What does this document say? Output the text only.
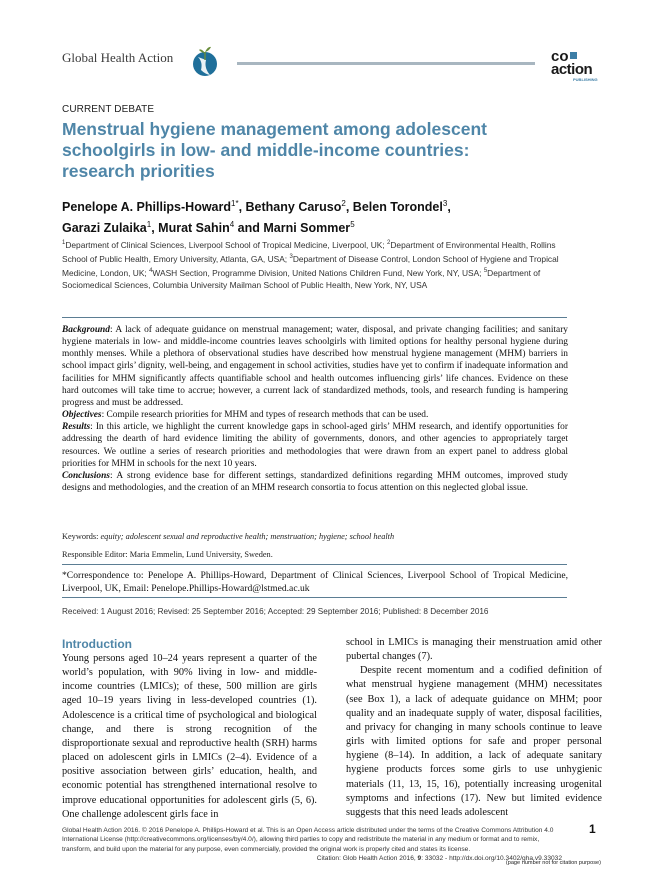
Global Health Action	co
action
PUBLISHING
CURRENT DEBATE
Menstrual hygiene management among adolescent schoolgirls in low- and middle-income countries: research priorities
Penelope A. Phillips-Howard$^{1*}$, Bethany Caruso$^2$, Belen Torondel$^3$,
Garazi Zulaika$^1$, Murat Sahin$^4$ and Marni Sommer$^5$
$^1$Department of Clinical Sciences, Liverpool School of Tropical Medicine, Liverpool, UK; $^2$Department of Environmental Health, Rollins School of Public Health, Emory University, Atlanta, GA, USA; $^3$Department of Disease Control, London School of Hygiene and Tropical Medicine, London, UK; $^4$WASH Section, Programme Division, United Nations Children Fund, New York, NY, USA; $^5$Department of Sociomedical Sciences, Columbia University Mailman School of Public Health, New York, NY, USA

Background: A lack of adequate guidance on menstrual management; water, disposal, and private changing facilities; and sanitary hygiene materials in low- and middle-income countries leaves schoolgirls with limited options for healthy personal hygiene during monthly menses. While a plethora of observational studies have described how menstrual hygiene management (MHM) barriers in school impact girls’ dignity, well-being, and engagement in school activities, studies have yet to confirm if inadequate information and facilities for MHM significantly affects quantifiable school and health outcomes influencing girls’ life chances. Evidence on these hard outcomes will take time to accrue; however, a current lack of standardized methods, tools, and research funding is hampering progress and must be addressed.

Objectives: Compile research priorities for MHM and types of research methods that can be used.

Results: In this article, we highlight the current knowledge gaps in school-aged girls’ MHM research, and identify opportunities for addressing the dearth of hard evidence limiting the ability of governments, donors, and other agencies to appropriately target resources. We outline a series of research priorities and methodologies that were drawn from an expert panel to address global priorities for MHM in schools for the next 10 years.

Conclusions: A strong evidence base for different settings, standardized definitions regarding MHM outcomes, improved study designs and methodologies, and the creation of an MHM research consortia to focus attention on this neglected global issue.

Keywords: equity; adolescent sexual and reproductive health; menstruation; hygiene; school health
Responsible Editor: Maria Emmelin, Lund University, Sweden.
*Correspondence to: Penelope A. Phillips-Howard, Department of Clinical Sciences, Liverpool School of Tropical Medicine, Liverpool, UK, Email: Penelope.Phillips-Howard@lstmed.ac.uk
Received: 1 August 2016; Revised: 25 September 2016; Accepted: 29 September 2016; Published: 8 December 2016
Introduction

Young persons aged 10–24 years represent a quarter of the world’s population, with 90% living in low- and middle-income countries (LMICs); of these, 500 million are girls aged 10–19 years living in less-developed countries (1). Adolescence is a critical time of psychological and biological change, and there is strong recognition of the disproportionate sexual and reproductive health (SRH) harms placed on adolescent girls in LMICs (2–4). Evidence of a positive association between girls’ education, health, and economic potential has strengthened international resolve to improve educational opportunities for adolescent girls (5, 6). One challenge adolescent girls face in

school in LMICs is managing their menstruation amid other pubertal changes (7).

Despite recent momentum and a codified definition of what menstrual hygiene management (MHM) necessitates (see Box 1), a lack of adequate guidance on MHM; poor quality and an inadequate supply of water, disposal facilities, and privacy for changing in many schools continue to leave girls with limited options for safe and proper personal hygiene (8–14). In addition, a lack of adequate sanitary hygiene products forces some girls to use unhygienic materials (11, 13, 15, 16), potentially increasing urogenital symptoms and infections (17). New but limited evidence suggests that this need leads adolescent

Global Health Action 2016. © 2016 Penelope A. Phillips-Howard et al. This is an Open Access article distributed under the terms of the Creative Commons Attribution 4.0 International License (http://creativecommons.org/licenses/by/4.0/), allowing third parties to copy and redistribute the material in any medium or format and to remix, transform, and build upon the material for any purpose, even commercially, provided the original work is properly cited and states its license.
Citation: Glob Health Action 2016, 9: 33032 - http://dx.doi.org/10.3402/gha.v9.33032
1
(page number not for citation purpose)
